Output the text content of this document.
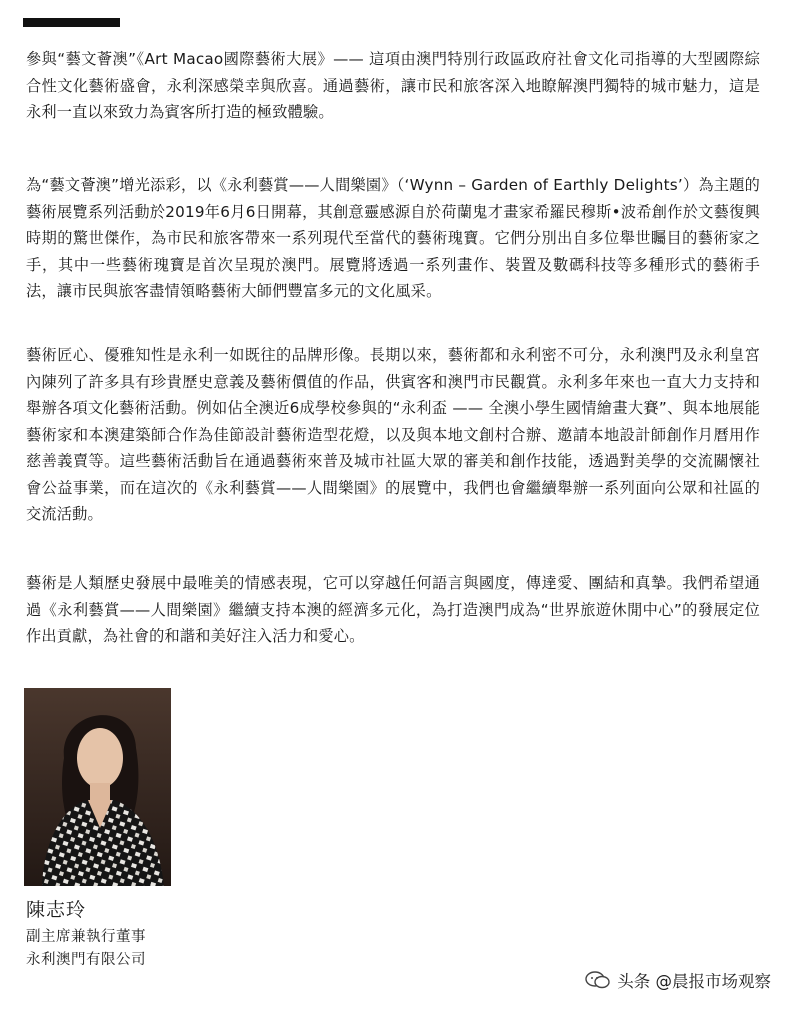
參與“藝文薈澳”《Art Macao國際藝術大展》—— 這項由澳門特別行政區政府社會文化司指導的大型國際綜合性文化藝術盛會，永利深感榮幸與欣喜。通過藝術，讓市民和旅客深入地瞭解澳門獨特的城市魅力，這是永利一直以來致力為賓客所打造的極致體驗。

為“藝文薈澳”增光添彩，以《永利藝賞——人間樂園》（‘Wynn – Garden of Earthly Delights’）為主題的藝術展覽系列活動於2019年6月6日開幕，其創意靈感源自於荷蘭鬼才畫家希羅民穆斯•波希創作於文藝復興時期的驚世傑作，為市民和旅客帶來一系列現代至當代的藝術瑰寶。它們分別出自多位舉世矚目的藝術家之手，其中一些藝術瑰寶是首次呈現於澳門。展覽將透過一系列畫作、裝置及數碼科技等多種形式的藝術手法，讓市民與旅客盡情領略藝術大師們豐富多元的文化風采。

藝術匠心、優雅知性是永利一如既往的品牌形像。長期以來，藝術都和永利密不可分，永利澳門及永利皇宮內陳列了許多具有珍貴歷史意義及藝術價值的作品，供賓客和澳門市民觀賞。永利多年來也一直大力支持和舉辦各項文化藝術活動。例如佔全澳近6成學校參與的“永利盃 —— 全澳小學生國情繪畫大賽”、與本地展能藝術家和本澳建築師合作為佳節設計藝術造型花燈，以及與本地文創村合辦、邀請本地設計師創作月曆用作慈善義賣等。這些藝術活動旨在通過藝術來普及城市社區大眾的審美和創作技能，透過對美學的交流關懷社會公益事業，而在這次的《永利藝賞——人間樂園》的展覽中，我們也會繼續舉辦一系列面向公眾和社區的交流活動。

藝術是人類歷史發展中最唯美的情感表現，它可以穿越任何語言與國度，傳達愛、團結和真摯。我們希望通過《永利藝賞——人間樂園》繼續支持本澳的經濟多元化，為打造澳門成為“世界旅遊休閒中心”的發展定位作出貢獻，為社會的和諧和美好注入活力和愛心。

陳志玲
副主席兼執行董事
永利澳門有限公司
头条 @晨报市场观察
